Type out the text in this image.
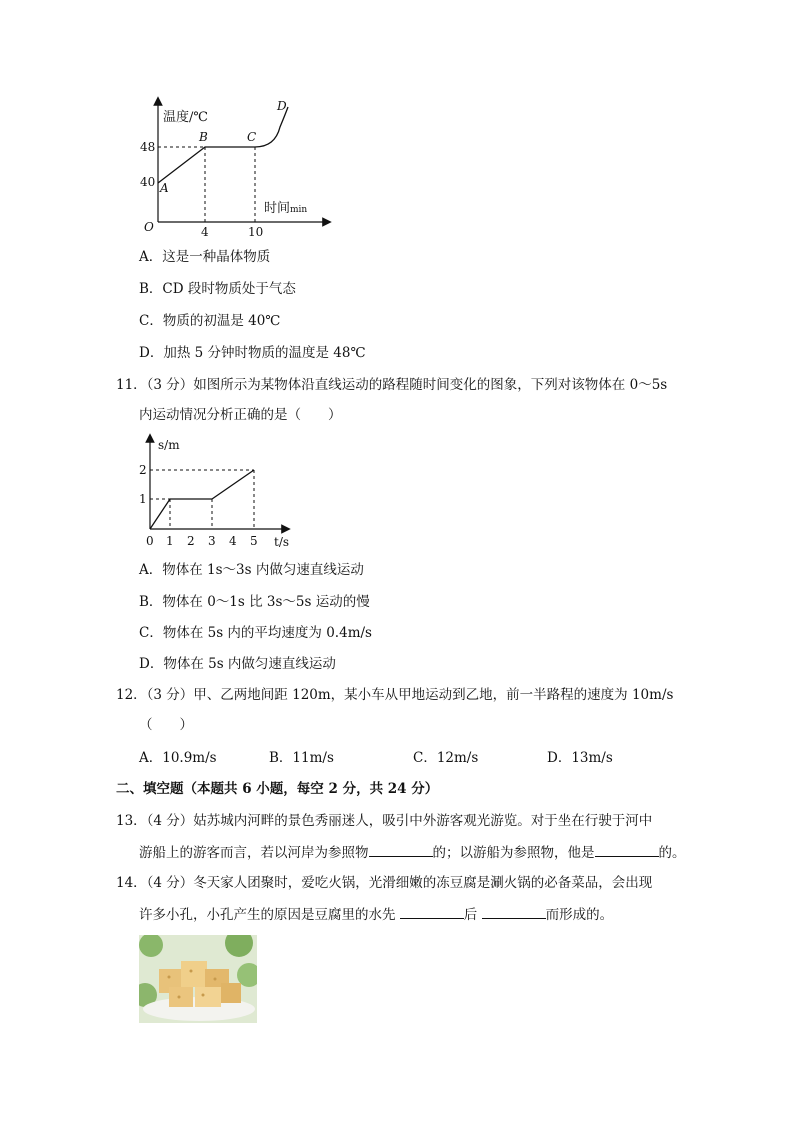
温度/℃
时间min
O
48
40
4	10
A
B	C
D
A．这是一种晶体物质
B．CD 段时物质处于气态
C．物质的初温是 40℃
D．加热 5 分钟时物质的温度是 48℃
11．（3 分）如图所示为某物体沿直线运动的路程随时间变化的图象，下列对该物体在 0～5s
内运动情况分析正确的是（　　）
s/m
t/s
2
1
0 1 2 3 4 5
A．物体在 1s～3s 内做匀速直线运动
B．物体在 0～1s 比 3s～5s 运动的慢
C．物体在 5s 内的平均速度为 0.4m/s
D．物体在 5s 内做匀速直线运动
12．（3 分）甲、乙两地间距 120m，某小车从甲地运动到乙地，前一半路程的速度为 10m/s
（　　）
A．10.9m/s	B．11m/s	C．12m/s	D．13m/s
二、填空题（本题共 6 小题，每空 2 分，共 24 分）
13．（4 分）姑苏城内河畔的景色秀丽迷人，吸引中外游客观光游览。对于坐在行驶于河中
游船上的游客而言，若以河岸为参照物	的；以游船为参照物，他是	的。
14．（4 分）冬天家人团聚时，爱吃火锅，光滑细嫩的冻豆腐是涮火锅的必备菜品，会出现
许多小孔，小孔产生的原因是豆腐里的水先	后	而形成的。
